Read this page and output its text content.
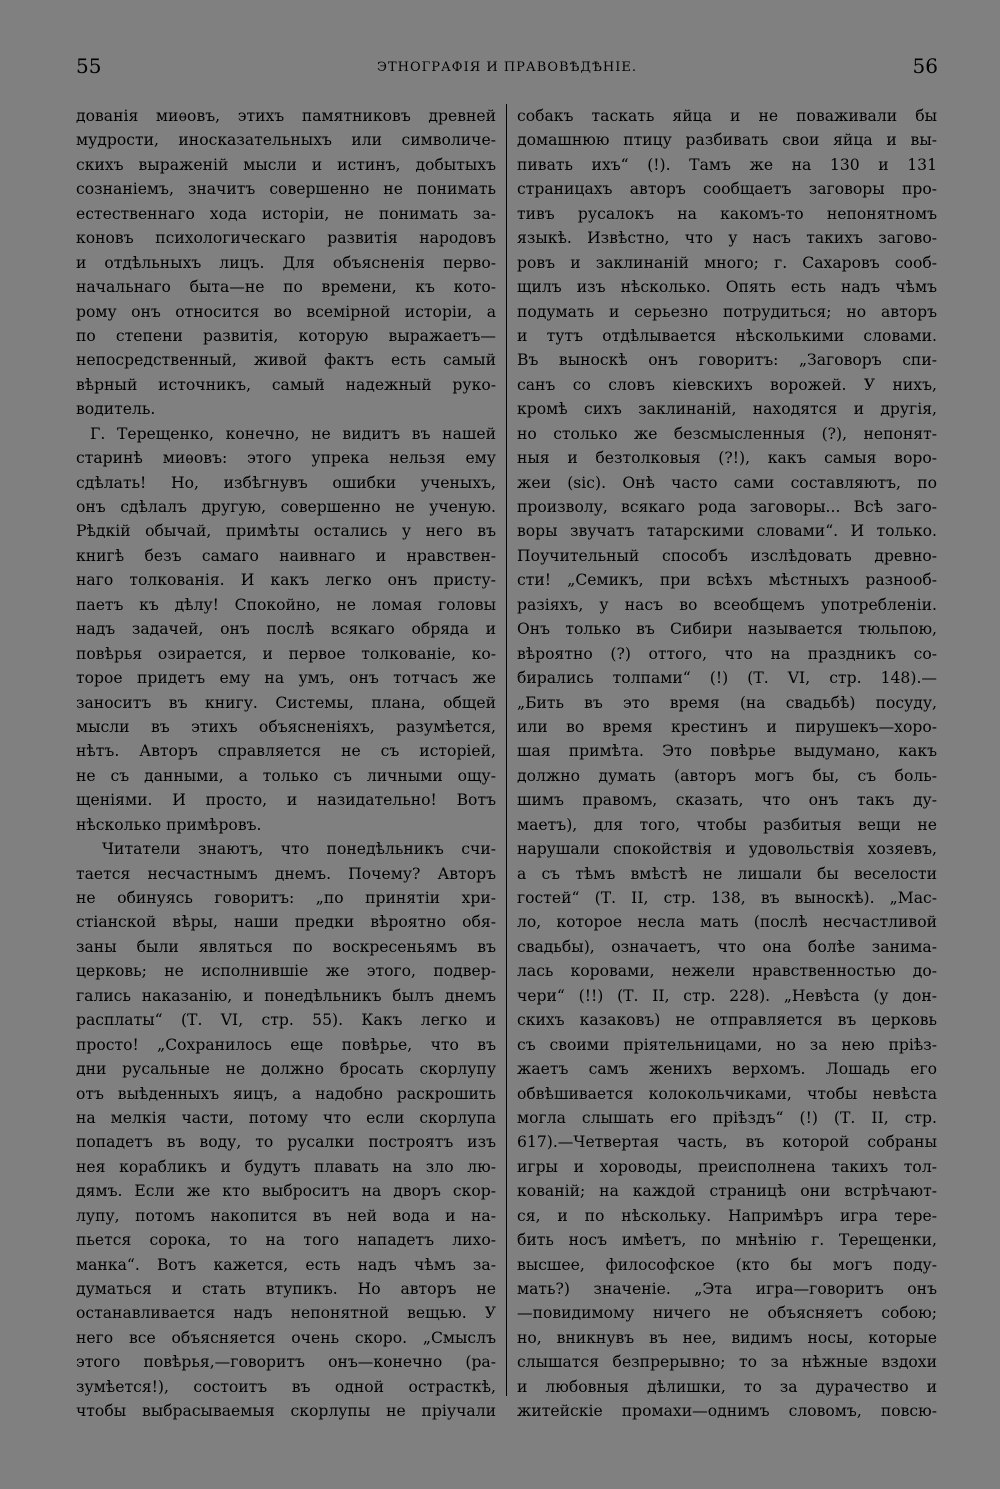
55	ЭТНОГРАФІЯ И ПРАВОВѢДѢНІЕ.	56
дованія миѳовъ, этихъ памятниковъ древней
мудрости, иносказательныхъ или символиче-
скихъ выраженій мысли и истинъ, добытыхъ
сознаніемъ, значитъ совершенно не понимать
естественнаго хода исторіи, не понимать за-
коновъ психологическаго развитія народовъ
и отдѣльныхъ лицъ. Для объясненія перво-
начальнаго быта—не по времени, къ кото-
рому онъ относится во всемірной исторіи, а
по степени развитія, которую выражаетъ—
непосредственный, живой фактъ есть самый
вѣрный источникъ, самый надежный руко-
водитель.
Г. Терещенко, конечно, не видитъ въ нашей
старинѣ миѳовъ: этого упрека нельзя ему
сдѣлать! Но, избѣгнувъ ошибки ученыхъ,
онъ сдѣлалъ другую, совершенно не ученую.
Рѣдкій обычай, примѣты остались у него въ
книгѣ безъ самаго наивнаго и нравствен-
наго толкованія. И какъ легко онъ присту-
паетъ къ дѣлу! Спокойно, не ломая головы
надъ задачей, онъ послѣ всякаго обряда и
повѣрья озирается, и первое толкованіе, ко-
торое придетъ ему на умъ, онъ тотчасъ же
заноситъ въ книгу. Системы, плана, общей
мысли въ этихъ объясненіяхъ, разумѣется,
нѣтъ. Авторъ справляется не съ исторіей,
не съ данными, а только съ личными ощу-
щеніями. И просто, и назидательно! Вотъ
нѣсколько примѣровъ.
Читатели знаютъ, что понедѣльникъ счи-
тается несчастнымъ днемъ. Почему? Авторъ
не обинуясь говоритъ: „по принятіи хри-
стіанской вѣры, наши предки вѣроятно обя-
заны были являться по воскресеньямъ въ
церковь; не исполнившіе же этого, подвер-
гались наказанію, и понедѣльникъ былъ днемъ
расплаты“ (Т. VI, стр. 55). Какъ легко и
просто! „Сохранилось еще повѣрье, что въ
дни русальные не должно бросать скорлупу
отъ выѣденныхъ яицъ, а надобно раскрошить
на мелкія части, потому что если скорлупа
попадетъ въ воду, то русалки построятъ изъ
нея корабликъ и будутъ плавать на зло лю-
дямъ. Если же кто выброситъ на дворъ скор-
лупу, потомъ накопится въ ней вода и на-
пьется сорока, то на того нападетъ лихо-
манка“. Вотъ кажется, есть надъ чѣмъ за-
думаться и стать втупикъ. Но авторъ не
останавливается надъ непонятной вещью. У
него все объясняется очень скоро. „Смыслъ
этого повѣрья,—говоритъ онъ—конечно (ра-
зумѣется!), состоитъ въ одной остраcткѣ,
чтобы выбрасываемыя скорлупы не пріучали
собакъ таскать яйца и не поваживали бы
домашнюю птицу разбивать свои яйца и вы-
пивать ихъ“ (!). Тамъ же на 130 и 131
страницахъ авторъ сообщаетъ заговоры про-
тивъ русалокъ на какомъ-то непонятномъ
языкѣ. Извѣстно, что у насъ такихъ загово-
ровъ и заклинаній много; г. Сахаровъ сооб-
щилъ изъ нѣсколько. Опять есть надъ чѣмъ
подумать и серьезно потрудиться; но авторъ
и тутъ отдѣлывается нѣсколькими словами.
Въ выноскѣ онъ говоритъ: „Заговоръ спи-
санъ со словъ кіевскихъ ворожей. У нихъ,
кромѣ сихъ заклинаній, находятся и другія,
но столько же безсмысленныя (?), непонят-
ныя и безтолковыя (?!), какъ самыя воро-
жеи (sic). Онѣ часто сами составляютъ, по
произволу, всякаго рода заговоры... Всѣ заго-
воры звучатъ татарскими словами“. И только.
Поучительный способъ изслѣдовать древно-
сти! „Семикъ, при всѣхъ мѣстныхъ разнооб-
разіяхъ, у насъ во всеобщемъ употребленіи.
Онъ только въ Сибири называется тюльпою,
вѣроятно (?) оттого, что на праздникъ со-
бирались толпами“ (!) (Т. VI, стр. 148).—
„Бить въ это время (на свадьбѣ) посуду,
или во время крестинъ и пирушекъ—хоро-
шая примѣта. Это повѣрье выдумано, какъ
должно думать (авторъ могъ бы, съ боль-
шимъ правомъ, сказать, что онъ такъ ду-
маетъ), для того, чтобы разбитыя вещи не
нарушали спокойствія и удовольствія хозяевъ,
а съ тѣмъ вмѣстѣ не лишали бы веселости
гостей“ (Т. II, стр. 138, въ выноскѣ). „Мас-
ло, которое несла мать (послѣ несчастливой
свадьбы), означаетъ, что она болѣе занима-
лась коровами, нежели нравственностью до-
чери“ (!!) (Т. II, стр. 228). „Невѣста (у дон-
скихъ казаковъ) не отправляется въ церковь
съ своими пріятельницами, но за нею пріѣз-
жаетъ самъ женихъ верхомъ. Лошадь его
обвѣшивается колокольчиками, чтобы невѣста
могла слышать его пріѣздъ“ (!) (Т. II, стр.
617).—Четвертая часть, въ которой собраны
игры и хороводы, преисполнена такихъ тол-
кованій; на каждой страницѣ они встрѣчают-
ся, и по нѣскольку. Напримѣръ игра тере-
бить носъ имѣетъ, по мнѣнію г. Терещенки,
высшее, философское (кто бы могъ поду-
мать?) значеніе. „Эта игра—говоритъ онъ
—повидимому ничего не объясняетъ собою;
но, вникнувъ въ нее, видимъ носы, которые
слышатся безпрерывно; то за нѣжные вздохи
и любовныя дѣлишки, то за дурачество и
житейскіе промахи—однимъ словомъ, повсю-
